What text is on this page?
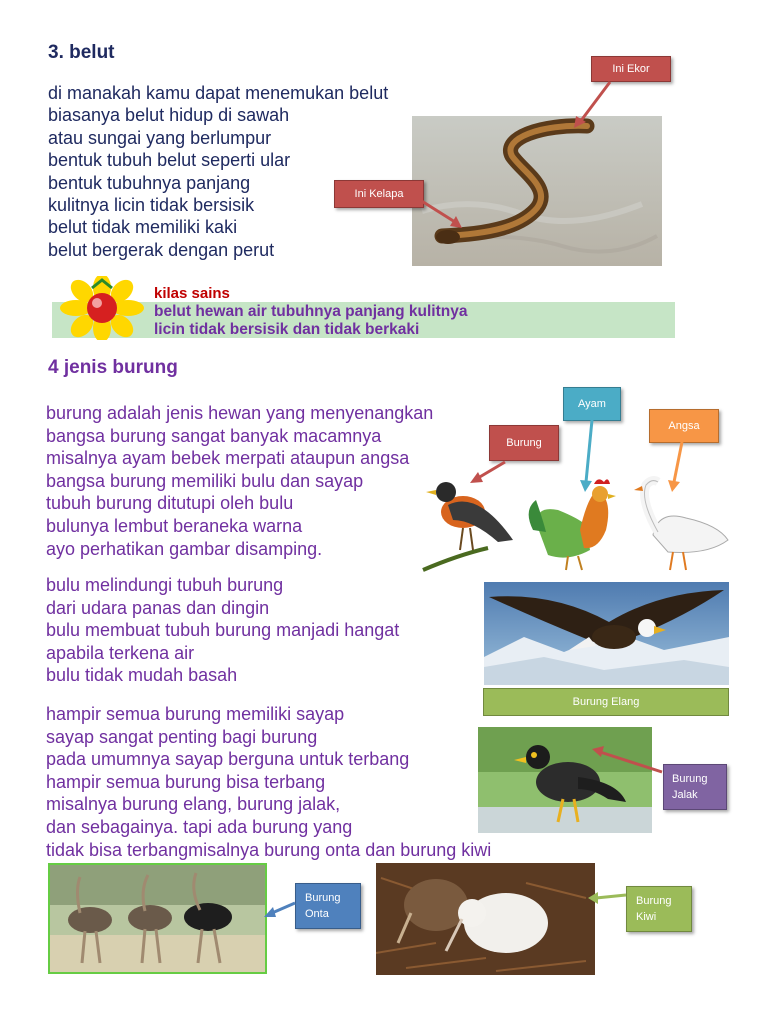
3. belut
di manakah kamu dapat menemukan belut
biasanya belut hidup di sawah
atau sungai yang berlumpur
bentuk tubuh belut seperti ular
bentuk tubuhnya panjang
kulitnya licin tidak bersisik
belut tidak memiliki kaki
belut bergerak dengan perut
Ini Ekor
Ini Kelapa
kilas sains
belut hewan air tubuhnya panjang kulitnya
licin tidak bersisik dan tidak berkaki
4 jenis burung
burung adalah jenis hewan yang menyenangkan
bangsa burung sangat banyak macamnya
misalnya ayam bebek merpati ataupun angsa
bangsa burung memiliki bulu dan sayap
tubuh burung ditutupi oleh bulu
bulunya lembut beraneka warna
ayo perhatikan gambar disamping.
bulu melindungi tubuh burung
dari udara panas dan dingin
bulu membuat tubuh burung manjadi hangat
apabila terkena air
bulu tidak mudah basah
hampir semua burung memiliki sayap
sayap sangat penting bagi burung
pada umumnya sayap berguna untuk terbang
hampir semua burung bisa terbang
misalnya burung elang, burung jalak,
dan sebagainya. tapi ada burung yang
tidak bisa terbangmisalnya burung onta dan burung kiwi
Ayam
Burung
Angsa
Burung Elang
Burung
Jalak
Burung
Onta
Burung
Kiwi
